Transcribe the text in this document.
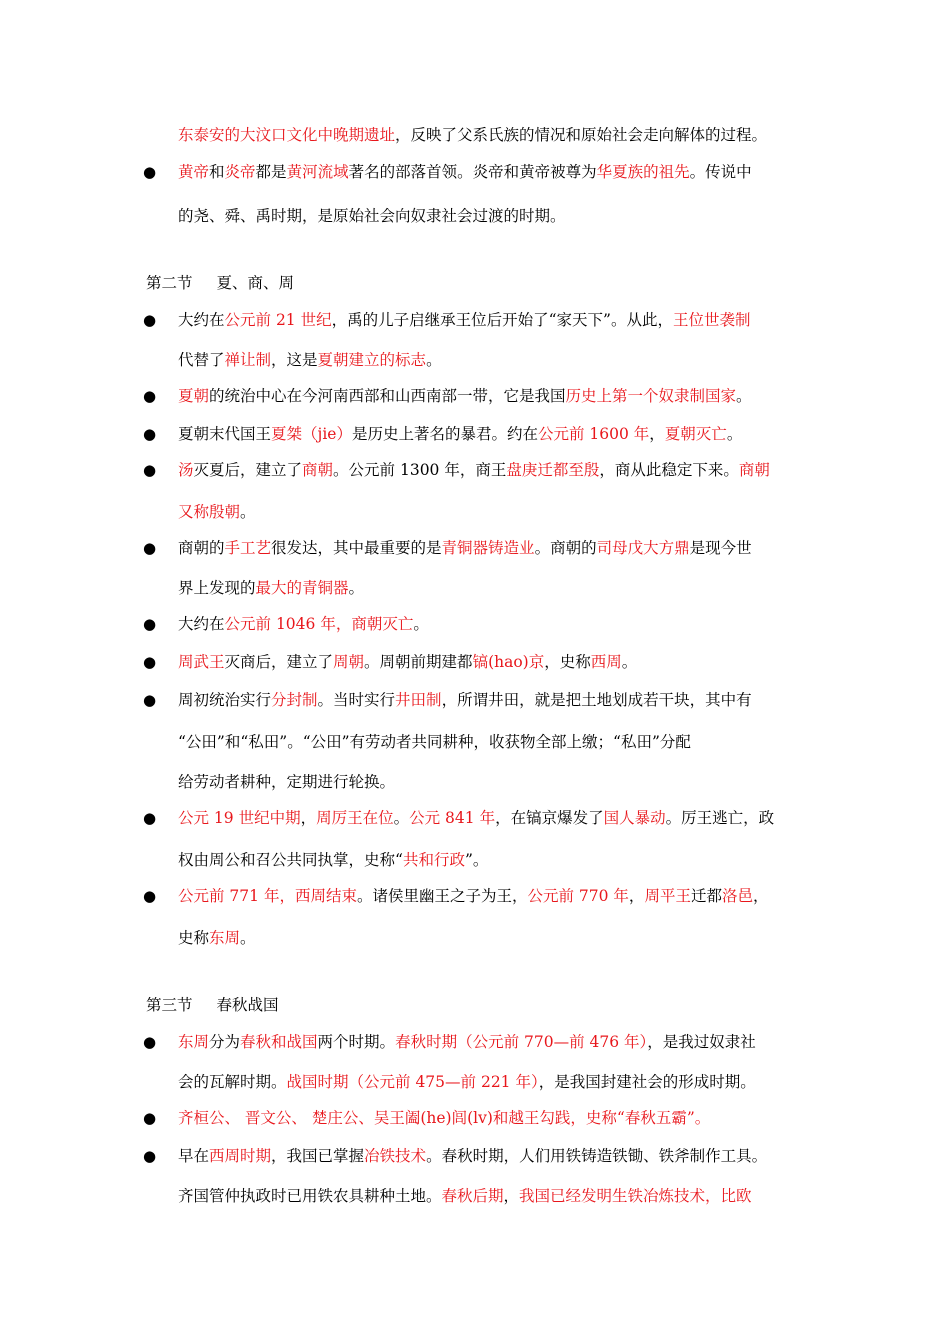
东泰安的大汶口文化中晚期遗址，反映了父系氏族的情况和原始社会走向解体的过程。
● 黄帝和炎帝都是黄河流域著名的部落首领。炎帝和黄帝被尊为华夏族的祖先。传说中
的尧、舜、禹时期，是原始社会向奴隶社会过渡的时期。
第二节 夏、商、周
● 大约在公元前 21 世纪，禹的儿子启继承王位后开始了“家天下”。从此，王位世袭制
代替了禅让制，这是夏朝建立的标志。
● 夏朝的统治中心在今河南西部和山西南部一带，它是我国历史上第一个奴隶制国家。
● 夏朝末代国王夏桀（jie）是历史上著名的暴君。约在公元前 1600 年，夏朝灭亡。
● 汤灭夏后，建立了商朝。公元前 1300 年，商王盘庚迁都至殷，商从此稳定下来。商朝
又称殷朝。
● 商朝的手工艺很发达，其中最重要的是青铜器铸造业。商朝的司母戊大方鼎是现今世
界上发现的最大的青铜器。
● 大约在公元前 1046 年，商朝灭亡。
● 周武王灭商后，建立了周朝。周朝前期建都镐(hao)京，史称西周。
● 周初统治实行分封制。当时实行井田制，所谓井田，就是把土地划成若干块，其中有
“公田”和“私田”。“公田”有劳动者共同耕种，收获物全部上缴；“私田”分配
给劳动者耕种，定期进行轮换。
● 公元 19 世纪中期，周厉王在位。公元 841 年，在镐京爆发了国人暴动。厉王逃亡，政
权由周公和召公共同执掌，史称“共和行政”。
● 公元前 771 年，西周结束。诸侯里幽王之子为王，公元前 770 年，周平王迁都洛邑，
史称东周。
第三节 春秋战国
● 东周分为春秋和战国两个时期。春秋时期（公元前 770—前 476 年），是我过奴隶社
会的瓦解时期。战国时期（公元前 475—前 221 年），是我国封建社会的形成时期。
● 齐桓公、 晋文公、 楚庄公、吴王阖(he)闾(lv)和越王勾践，史称“春秋五霸”。
● 早在西周时期，我国已掌握冶铁技术。春秋时期，人们用铁铸造铁锄、铁斧制作工具。
齐国管仲执政时已用铁农具耕种土地。春秋后期，我国已经发明生铁冶炼技术，比欧
